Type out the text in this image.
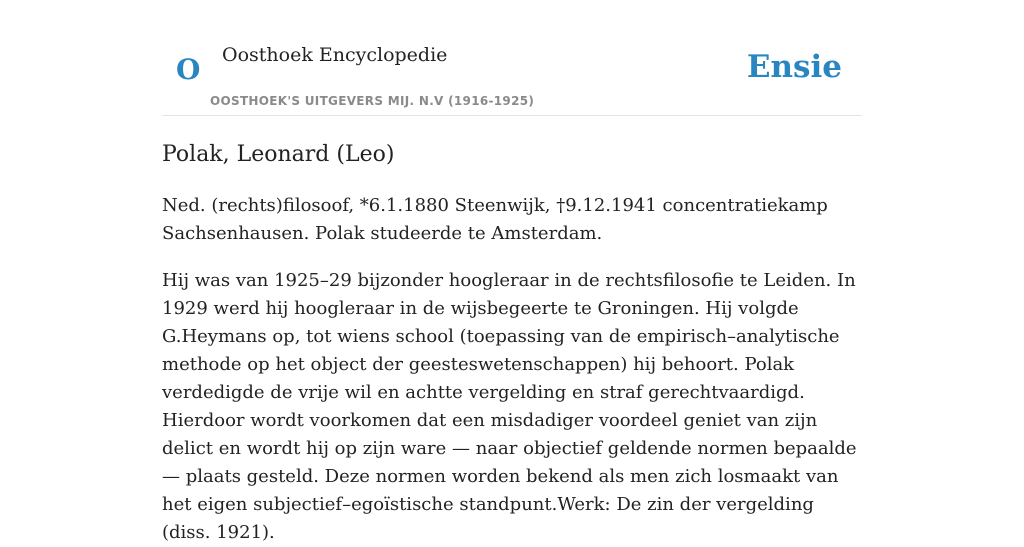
O Oosthoek Encyclopedie
OOSTHOEK'S UITGEVERS MIJ. N.V (1916-1925)
Ensie
Polak, Leonard (Leo)

Ned. (rechts)filosoof, *6.1.1880 Steenwijk, †9.12.1941 concentratiekamp Sachsenhausen. Polak studeerde te Amsterdam.

Hij was van 1925–29 bijzonder hoogleraar in de rechtsfilosofie te Leiden. In 1929 werd hij hoogleraar in de wijsbegeerte te Groningen. Hij volgde G.Heymans op, tot wiens school (toepassing van de empirisch–analytische methode op het object der geesteswetenschappen) hij behoort. Polak verdedigde de vrije wil en achtte vergelding en straf gerechtvaardigd. Hierdoor wordt voorkomen dat een misdadiger voordeel geniet van zijn delict en wordt hij op zijn ware — naar objectief geldende normen bepaalde — plaats gesteld. Deze normen worden bekend als men zich losmaakt van het eigen subjectief–egoïstische standpunt.Werk: De zin der vergelding (diss. 1921).
